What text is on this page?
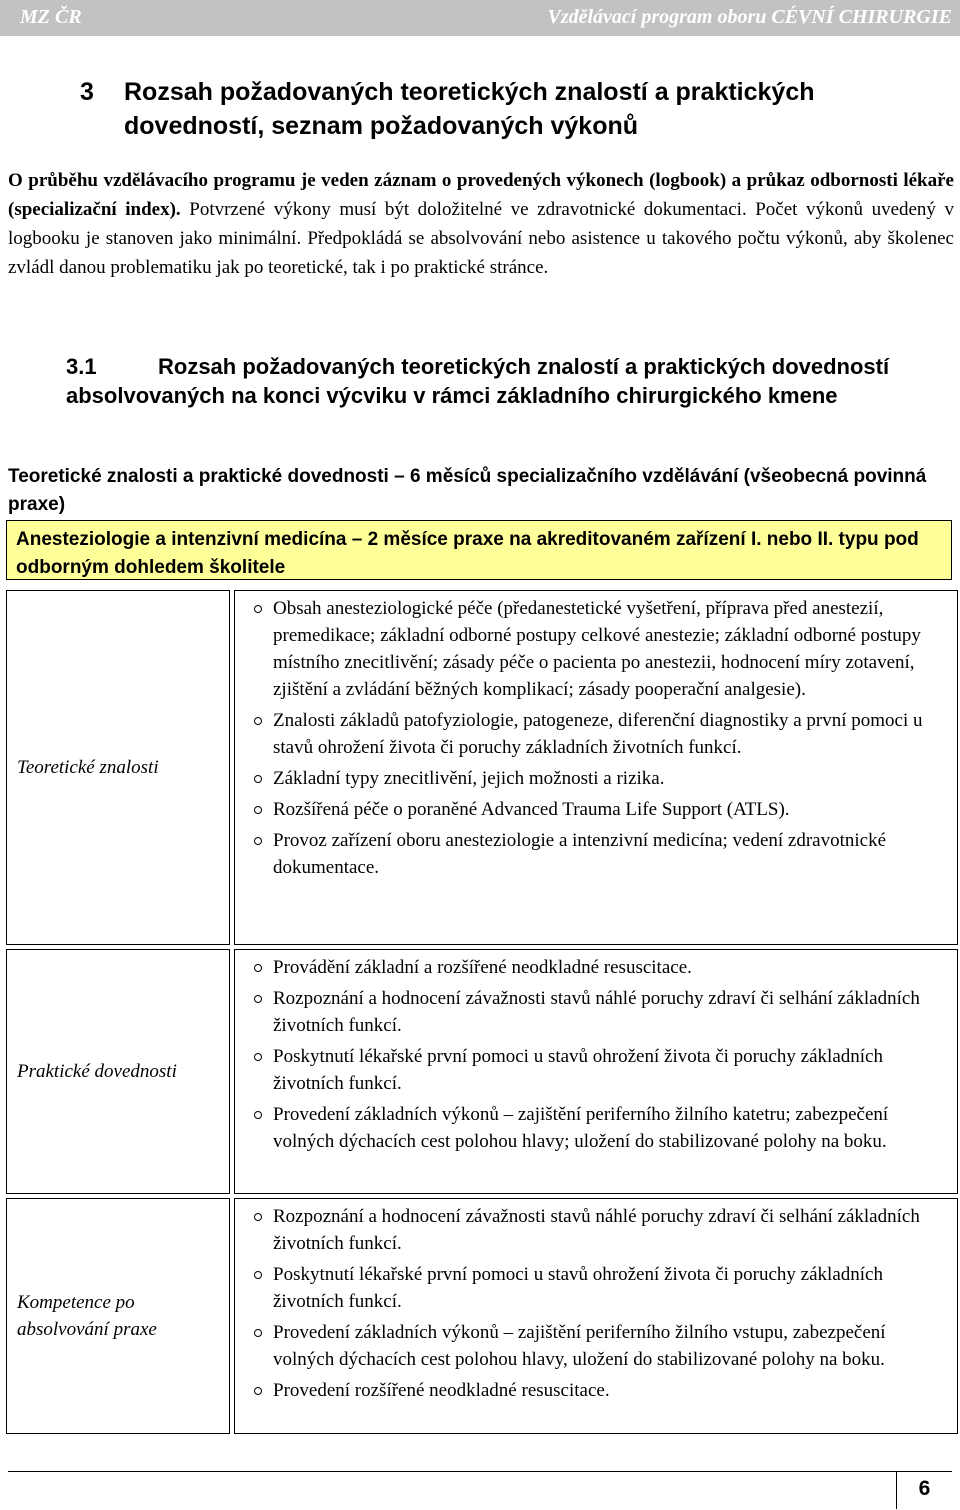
MZ ČR	Vzdělávací program oboru CÉVNÍ CHIRURGIE
3 Rozsah požadovaných teoretických znalostí a praktických dovedností, seznam požadovaných výkonů
O průběhu vzdělávacího programu je veden záznam o provedených výkonech (logbook) a průkaz odbornosti lékaře (specializační index). Potvrzené výkony musí být doložitelné ve zdravotnické dokumentaci. Počet výkonů uvedený v logbooku je stanoven jako minimální. Předpokládá se absolvování nebo asistence u takového počtu výkonů, aby školenec zvládl danou problematiku jak po teoretické, tak i po praktické stránce.
3.1	Rozsah požadovaných teoretických znalostí a praktických dovedností absolvovaných na konci výcviku v rámci základního chirurgického kmene
Teoretické znalosti a praktické dovednosti – 6 měsíců specializačního vzdělávání (všeobecná povinná praxe)
Anesteziologie a intenzivní medicína – 2 měsíce praxe na akreditovaném zařízení I. nebo II. typu pod odborným dohledem školitele
Teoretické znalosti
Obsah anesteziologické péče (předanestetické vyšetření, příprava před anestezií, premedikace; základní odborné postupy celkové anestezie; základní odborné postupy místního znecitlivění; zásady péče o pacienta po anestezii, hodnocení míry zotavení, zjištění a zvládání běžných komplikací; zásady pooperační analgesie).
Znalosti základů patofyziologie, patogeneze, diferenční diagnostiky a první pomoci u stavů ohrožení života či poruchy základních životních funkcí.
Základní typy znecitlivění, jejich možnosti a rizika.
Rozšířená péče o poraněné Advanced Trauma Life Support (ATLS).
Provoz zařízení oboru anesteziologie a intenzivní medicína; vedení zdravotnické dokumentace.
Praktické dovednosti
Provádění základní a rozšířené neodkladné resuscitace.
Rozpoznání a hodnocení závažnosti stavů náhlé poruchy zdraví či selhání základních životních funkcí.
Poskytnutí lékařské první pomoci u stavů ohrožení života či poruchy základních životních funkcí.
Provedení základních výkonů – zajištění periferního žilního katetru; zabezpečení volných dýchacích cest polohou hlavy; uložení do stabilizované polohy na boku.
Kompetence po absolvování praxe
Rozpoznání a hodnocení závažnosti stavů náhlé poruchy zdraví či selhání základních životních funkcí.
Poskytnutí lékařské první pomoci u stavů ohrožení života či poruchy základních životních funkcí.
Provedení základních výkonů – zajištění periferního žilního vstupu, zabezpečení volných dýchacích cest polohou hlavy, uložení do stabilizované polohy na boku.
Provedení rozšířené neodkladné resuscitace.
6
